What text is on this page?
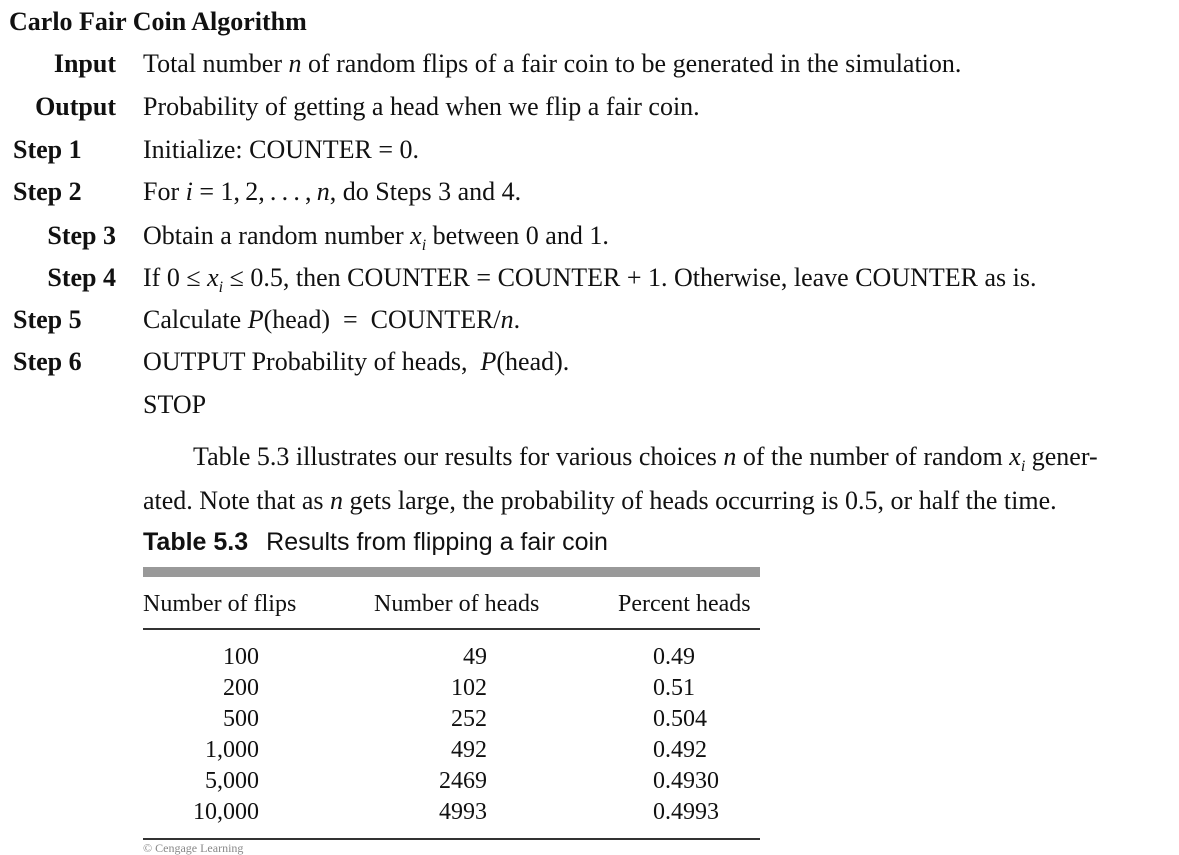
Carlo Fair Coin Algorithm
Input Total number n of random flips of a fair coin to be generated in the simulation.
Output Probability of getting a head when we flip a fair coin.
Step 1 Initialize: COUNTER = 0.
Step 2 For i = 1, 2, . . . , n, do Steps 3 and 4.
Step 3 Obtain a random number $x_i$ between 0 and 1.
Step 4 If $0 \le x_i \le 0.5$, then COUNTER = COUNTER + 1. Otherwise, leave COUNTER as is.
Step 5 Calculate P(head)  =  COUNTER/n.
Step 6 OUTPUT Probability of heads,  P(head).
STOP
Table 5.3 illustrates our results for various choices n of the number of random $x_i$ gener-
ated. Note that as n gets large, the probability of heads occurring is 0.5, or half the time.
Table 5.3 Results from flipping a fair coin
Number of flips	Number of heads	Percent heads
100	49	0.49
200	102	0.51
500	252	0.504
1,000	492	0.492
5,000	2469	0.4930
10,000	4993	0.4993
© Cengage Learning
